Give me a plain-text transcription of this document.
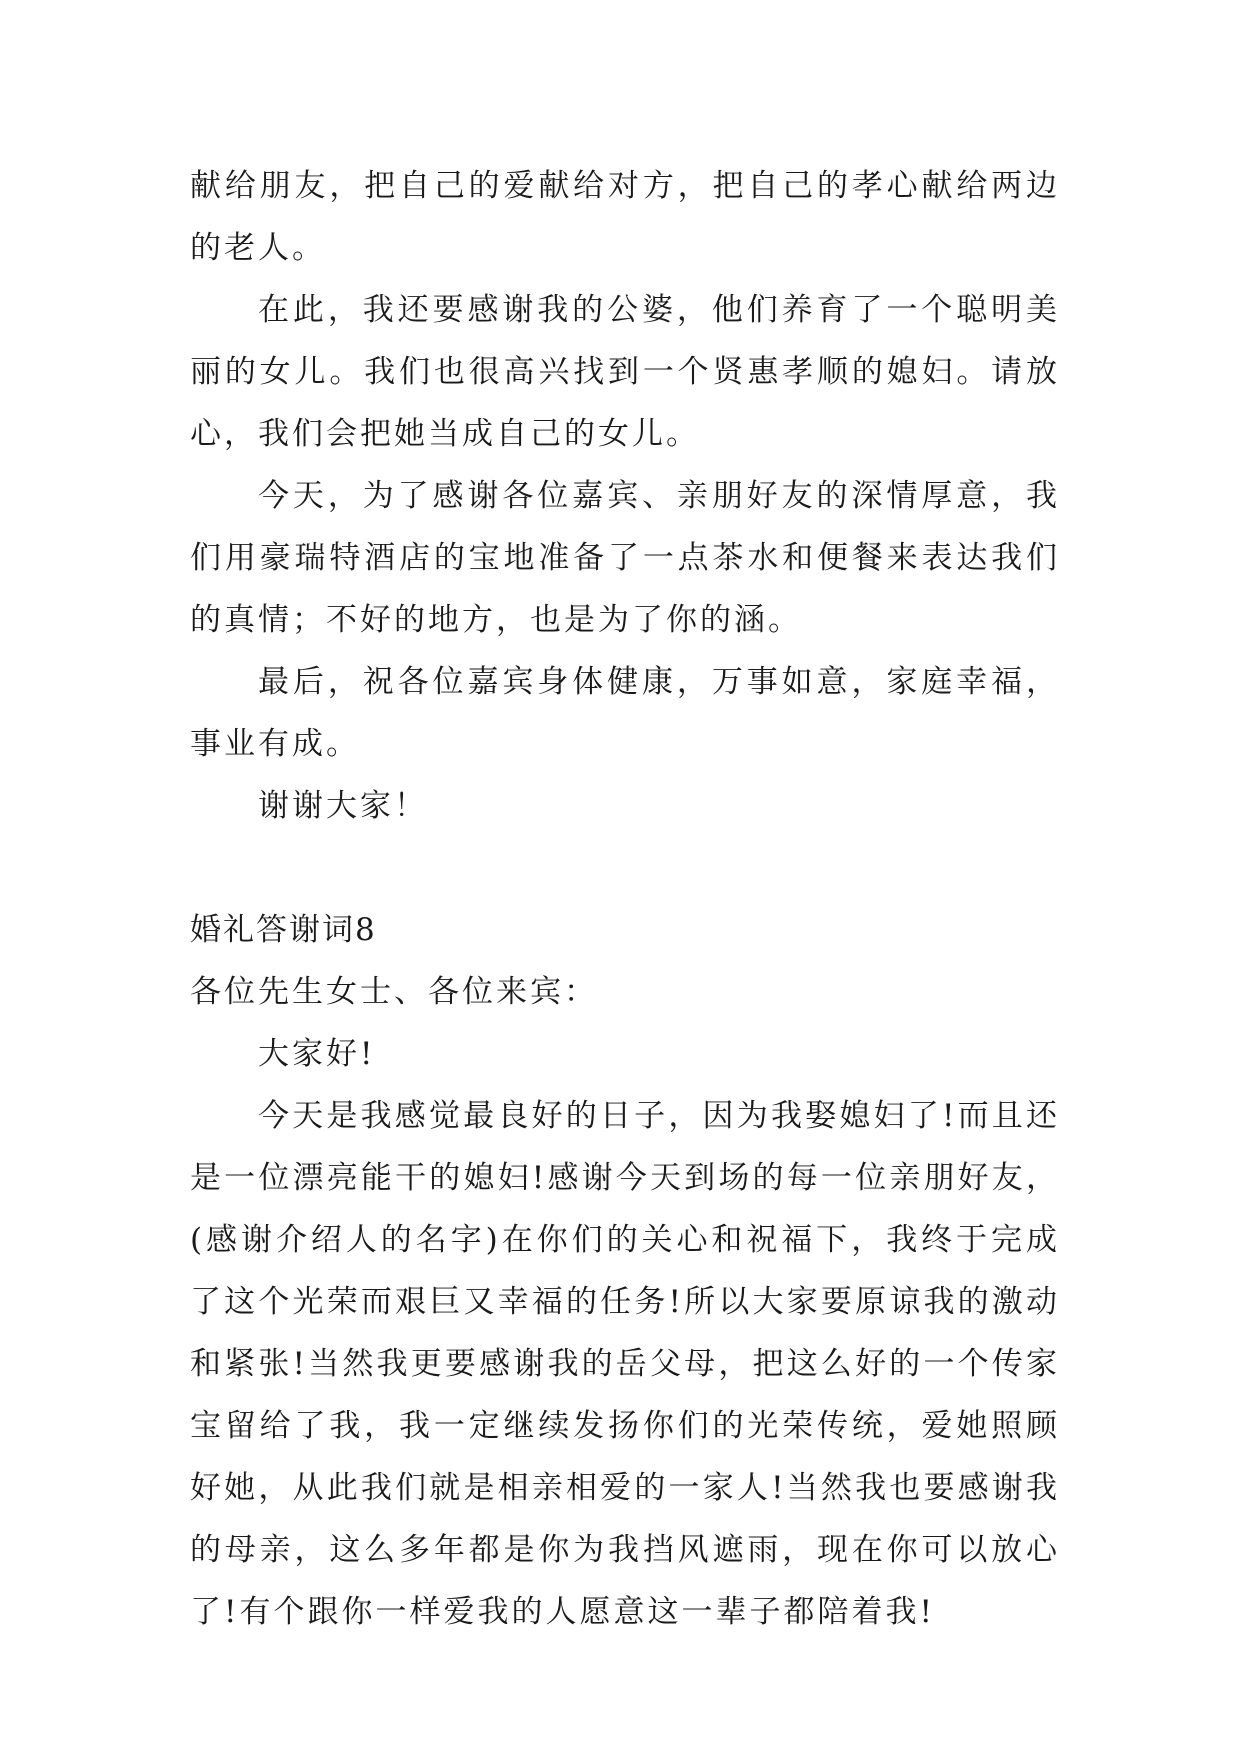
献给朋友，把自己的爱献给对方，把自己的孝心献给两边的老人。

在此，我还要感谢我的公婆，他们养育了一个聪明美丽的女儿。我们也很高兴找到一个贤惠孝顺的媳妇。请放心，我们会把她当成自己的女儿。

今天，为了感谢各位嘉宾、亲朋好友的深情厚意，我们用豪瑞特酒店的宝地准备了一点茶水和便餐来表达我们的真情；不好的地方，也是为了你的涵。

最后，祝各位嘉宾身体健康，万事如意，家庭幸福，事业有成。

谢谢大家！

婚礼答谢词8

各位先生女士、各位来宾：

大家好!

今天是我感觉最良好的日子，因为我娶媳妇了!而且还是一位漂亮能干的媳妇!感谢今天到场的每一位亲朋好友，(感谢介绍人的名字)在你们的关心和祝福下，我终于完成了这个光荣而艰巨又幸福的任务!所以大家要原谅我的激动和紧张!当然我更要感谢我的岳父母，把这么好的一个传家宝留给了我，我一定继续发扬你们的光荣传统，爱她照顾好她，从此我们就是相亲相爱的一家人!当然我也要感谢我的母亲，这么多年都是你为我挡风遮雨，现在你可以放心了!有个跟你一样爱我的人愿意这一辈子都陪着我!
